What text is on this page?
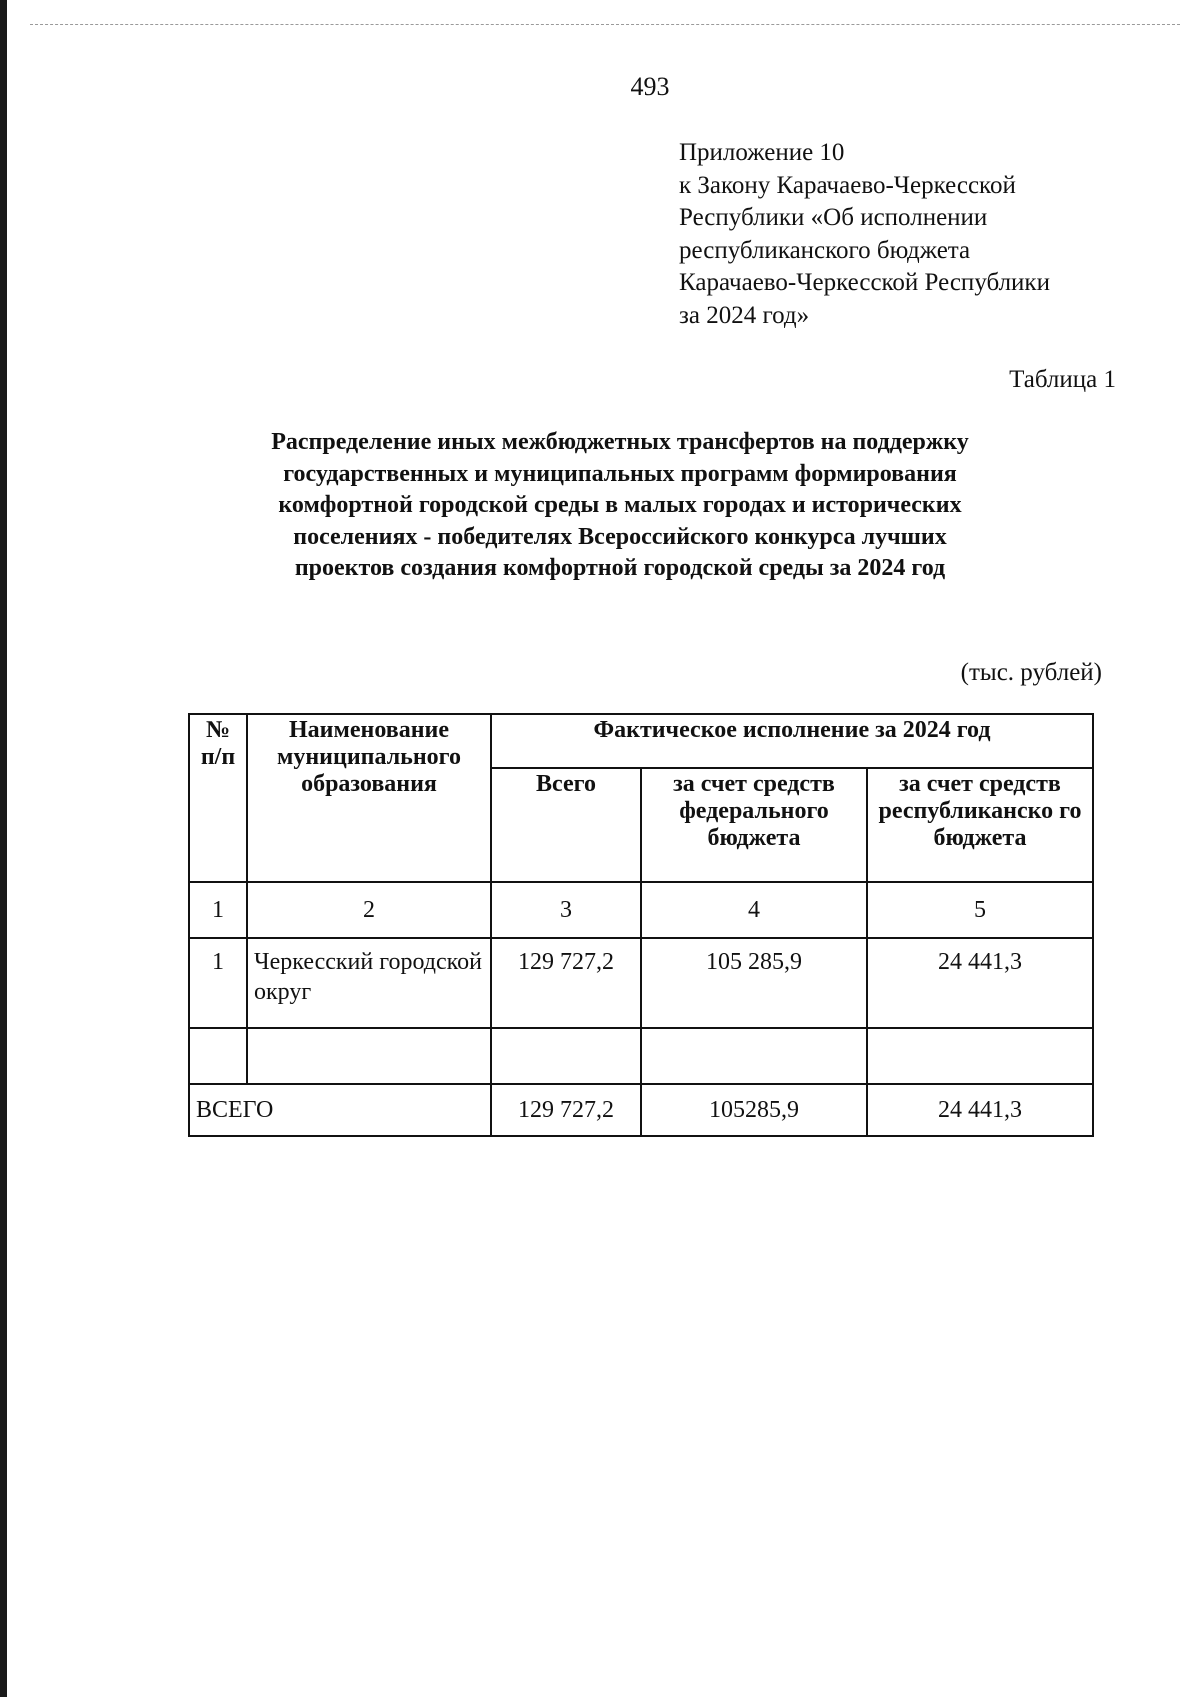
493
Приложение 10
к Закону Карачаево-Черкесской
Республики «Об исполнении
республиканского бюджета
Карачаево-Черкесской Республики
за 2024 год»
Таблица 1
Распределение иных межбюджетных трансфертов на поддержку
государственных и муниципальных программ формирования
комфортной городской среды в малых городах и исторических
поселениях - победителях Всероссийского конкурса лучших
проектов создания комфортной городской среды за 2024 год
(тыс. рублей)
№ п/п	Наименование муниципального образования	Фактическое исполнение за 2024 год		
		Всего	за счет средств федерального бюджета	за счет средств республиканско го бюджета
1	2	3	4	5
1	Черкесский городской округ	129 727,2	105 285,9	24 441,3

ВСЕГО		129 727,2	105285,9	24 441,3
